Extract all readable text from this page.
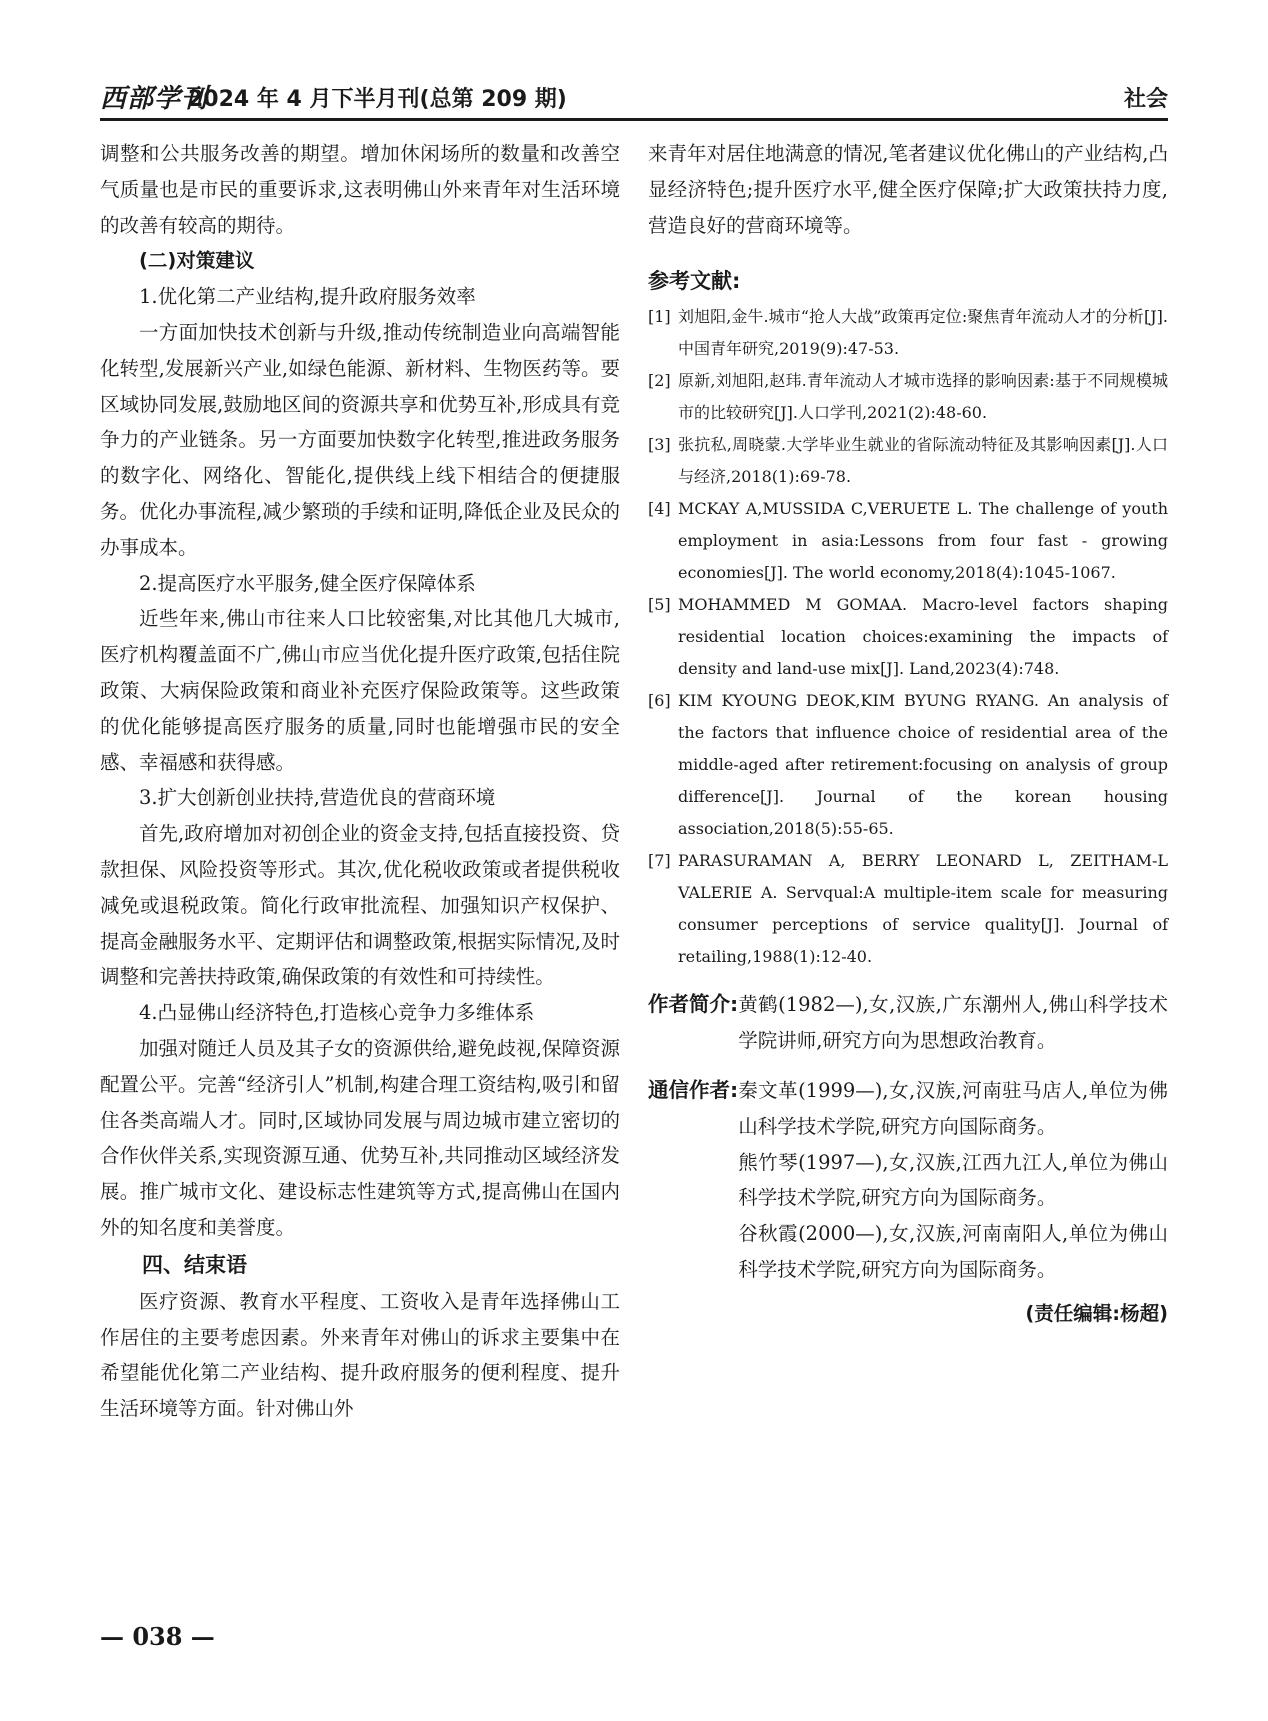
西部学刊
2024 年 4 月下半月刊(总第 209 期)	社会

调整和公共服务改善的期望。增加休闲场所的数量和改善空气质量也是市民的重要诉求,这表明佛山外来青年对生活环境的改善有较高的期待。

(二)对策建议
1.优化第二产业结构,提升政府服务效率

一方面加快技术创新与升级,推动传统制造业向高端智能化转型,发展新兴产业,如绿色能源、新材料、生物医药等。要区域协同发展,鼓励地区间的资源共享和优势互补,形成具有竞争力的产业链条。另一方面要加快数字化转型,推进政务服务的数字化、网络化、智能化,提供线上线下相结合的便捷服务。优化办事流程,减少繁琐的手续和证明,降低企业及民众的办事成本。

2.提高医疗水平服务,健全医疗保障体系

近些年来,佛山市往来人口比较密集,对比其他几大城市,医疗机构覆盖面不广,佛山市应当优化提升医疗政策,包括住院政策、大病保险政策和商业补充医疗保险政策等。这些政策的优化能够提高医疗服务的质量,同时也能增强市民的安全感、幸福感和获得感。

3.扩大创新创业扶持,营造优良的营商环境

首先,政府增加对初创企业的资金支持,包括直接投资、贷款担保、风险投资等形式。其次,优化税收政策或者提供税收减免或退税政策。简化行政审批流程、加强知识产权保护、提高金融服务水平、定期评估和调整政策,根据实际情况,及时调整和完善扶持政策,确保政策的有效性和可持续性。

4.凸显佛山经济特色,打造核心竞争力多维体系

加强对随迁人员及其子女的资源供给,避免歧视,保障资源配置公平。完善“经济引人”机制,构建合理工资结构,吸引和留住各类高端人才。同时,区域协同发展与周边城市建立密切的合作伙伴关系,实现资源互通、优势互补,共同推动区域经济发展。推广城市文化、建设标志性建筑等方式,提高佛山在国内外的知名度和美誉度。

四、结束语

医疗资源、教育水平程度、工资收入是青年选择佛山工作居住的主要考虑因素。外来青年对佛山的诉求主要集中在希望能优化第二产业结构、提升政府服务的便利程度、提升生活环境等方面。针对佛山外

来青年对居住地满意的情况,笔者建议优化佛山的产业结构,凸显经济特色;提升医疗水平,健全医疗保障;扩大政策扶持力度,营造良好的营商环境等。

参考文献:
[1] 刘旭阳,金牛.城市“抢人大战”政策再定位:聚焦青年流动人才的分析[J].中国青年研究,2019(9):47-53.
[2] 原新,刘旭阳,赵玮.青年流动人才城市选择的影响因素:基于不同规模城市的比较研究[J].人口学刊,2021(2):48-60.
[3] 张抗私,周晓蒙.大学毕业生就业的省际流动特征及其影响因素[J].人口与经济,2018(1):69-78.
[4] MCKAY A,MUSSIDA C,VERUETE L. The challenge of youth employment in asia:Lessons from four fast - growing economies[J]. The world economy,2018(4):1045-1067.
[5] MOHAMMED M GOMAA. Macro-level factors shaping residential location choices:examining the impacts of density and land-use mix[J]. Land,2023(4):748.
[6] KIM KYOUNG DEOK,KIM BYUNG RYANG. An analysis of the factors that influence choice of residential area of the middle-aged after retirement:focusing on analysis of group difference[J]. Journal of the korean housing association,2018(5):55-65.
[7] PARASURAMAN A, BERRY LEONARD L, ZEITHAM-L VALERIE A. Servqual:A multiple-item scale for measuring consumer perceptions of service quality[J]. Journal of retailing,1988(1):12-40.
作者简介: 黄鹤(1982—),女,汉族,广东潮州人,佛山科学技术学院讲师,研究方向为思想政治教育。
通信作者: 秦文革(1999—),女,汉族,河南驻马店人,单位为佛山科学技术学院,研究方向国际商务。
熊竹琴(1997—),女,汉族,江西九江人,单位为佛山科学技术学院,研究方向为国际商务。
谷秋霞(2000—),女,汉族,河南南阳人,单位为佛山科学技术学院,研究方向为国际商务。
(责任编辑:杨超)
— 038 —
